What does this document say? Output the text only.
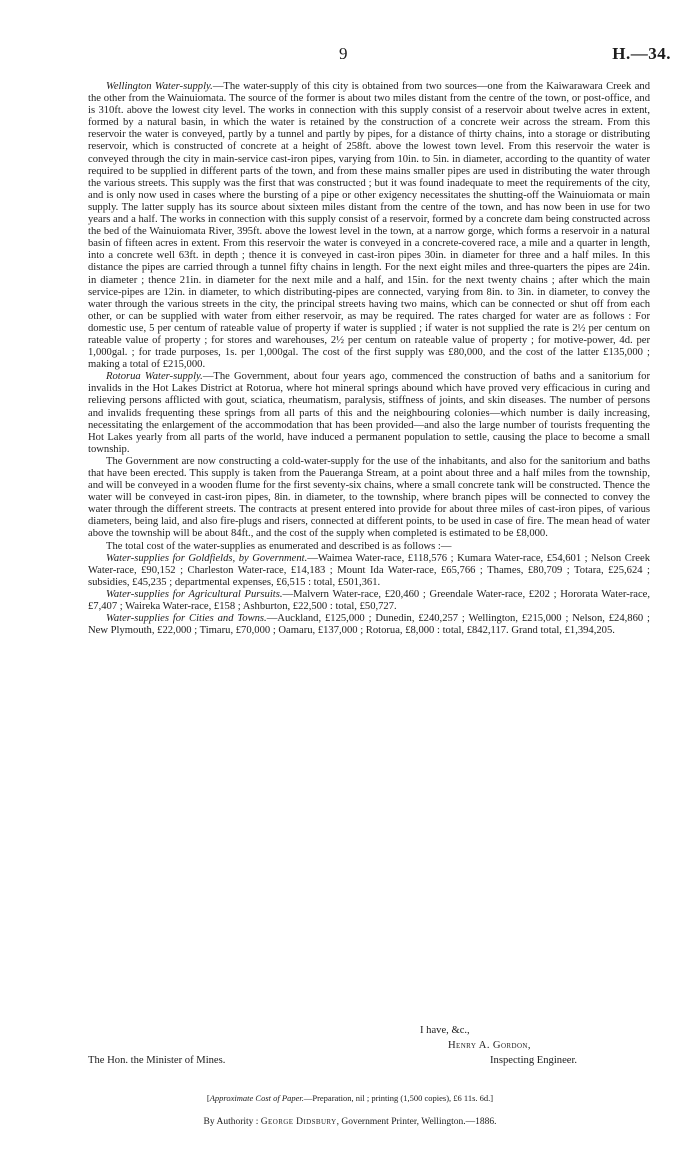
9	H.—34.

Wellington Water-supply.—The water-supply of this city is obtained from two sources—one from the Kaiwarawara Creek and the other from the Wainuiomata. The source of the former is about two miles distant from the centre of the town, or post-office, and is 310ft. above the lowest city level. The works in connection with this supply consist of a reservoir about twelve acres in extent, formed by a natural basin, in which the water is retained by the construction of a concrete weir across the stream. From this reservoir the water is conveyed, partly by a tunnel and partly by pipes, for a distance of thirty chains, into a storage or distributing reservoir, which is constructed of concrete at a height of 258ft. above the lowest town level. From this reservoir the water is conveyed through the city in main-service cast-iron pipes, varying from 10in. to 5in. in diameter, according to the quantity of water required to be supplied in different parts of the town, and from these mains smaller pipes are used in distributing the water through the various streets. This supply was the first that was constructed ; but it was found inadequate to meet the requirements of the city, and is only now used in cases where the bursting of a pipe or other exigency necessitates the shutting-off the Wainuiomata or main supply. The latter supply has its source about sixteen miles distant from the centre of the town, and has now been in use for two years and a half. The works in connection with this supply consist of a reservoir, formed by a concrete dam being constructed across the bed of the Wainuiomata River, 395ft. above the lowest level in the town, at a narrow gorge, which forms a reservoir in a natural basin of fifteen acres in extent. From this reservoir the water is conveyed in a concrete-covered race, a mile and a quarter in length, into a concrete well 63ft. in depth ; thence it is conveyed in cast-iron pipes 30in. in diameter for three and a half miles. In this distance the pipes are carried through a tunnel fifty chains in length. For the next eight miles and three-quarters the pipes are 24in. in diameter ; thence 21in. in diameter for the next mile and a half, and 15in. for the next twenty chains ; after which the main service-pipes are 12in. in diameter, to which distributing-pipes are connected, varying from 8in. to 3in. in diameter, to convey the water through the various streets in the city, the principal streets having two mains, which can be connected or shut off from each other, or can be supplied with water from either reservoir, as may be required. The rates charged for water are as follows : For domestic use, 5 per centum of rateable value of property if water is supplied ; if water is not supplied the rate is 2½ per centum on rateable value of property ; for stores and warehouses, 2½ per centum on rateable value of property ; for motive-power, 4d. per 1,000gal. ; for trade purposes, 1s. per 1,000gal. The cost of the first supply was £80,000, and the cost of the latter £135,000 ; making a total of £215,000.

Rotorua Water-supply.—The Government, about four years ago, commenced the construction of baths and a sanitorium for invalids in the Hot Lakes District at Rotorua, where hot mineral springs abound which have proved very efficacious in curing and relieving persons afflicted with gout, sciatica, rheumatism, paralysis, stiffness of joints, and skin diseases. The number of persons and invalids frequenting these springs from all parts of this and the neighbouring colonies—which number is daily increasing, necessitating the enlargement of the accommodation that has been provided—and also the large number of tourists frequenting the Hot Lakes yearly from all parts of the world, have induced a permanent population to settle, causing the place to become a small township.

The Government are now constructing a cold-water-supply for the use of the inhabitants, and also for the sanitorium and baths that have been erected. This supply is taken from the Paueranga Stream, at a point about three and a half miles from the township, and will be conveyed in a wooden flume for the first seventy-six chains, where a small concrete tank will be constructed. Thence the water will be conveyed in cast-iron pipes, 8in. in diameter, to the township, where branch pipes will be connected to convey the water through the different streets. The contracts at present entered into provide for about three miles of cast-iron pipes, of various diameters, being laid, and also fire-plugs and risers, connected at different points, to be used in case of fire. The mean head of water above the township will be about 84ft., and the cost of the supply when completed is estimated to be £8,000.

The total cost of the water-supplies as enumerated and described is as follows :—

Water-supplies for Goldfields, by Government.—Waimea Water-race, £118,576 ; Kumara Water-race, £54,601 ; Nelson Creek Water-race, £90,152 ; Charleston Water-race, £14,183 ; Mount Ida Water-race, £65,766 ; Thames, £80,709 ; Totara, £25,624 ; subsidies, £45,235 ; departmental expenses, £6,515 : total, £501,361.

Water-supplies for Agricultural Pursuits.—Malvern Water-race, £20,460 ; Greendale Water-race, £202 ; Hororata Water-race, £7,407 ; Waireka Water-race, £158 ; Ashburton, £22,500 : total, £50,727.

Water-supplies for Cities and Towns.—Auckland, £125,000 ; Dunedin, £240,257 ; Wellington, £215,000 ; Nelson, £24,860 ; New Plymouth, £22,000 ; Timaru, £70,000 ; Oamaru, £137,000 ; Rotorua, £8,000 : total, £842,117. Grand total, £1,394,205.

I have, &c.,
Henry A. Gordon,
Inspecting Engineer.
The Hon. the Minister of Mines.
[Approximate Cost of Paper.—Preparation, nil ; printing (1,500 copies), £6 11s. 6d.]
By Authority : George Didsbury, Government Printer, Wellington.—1886.
